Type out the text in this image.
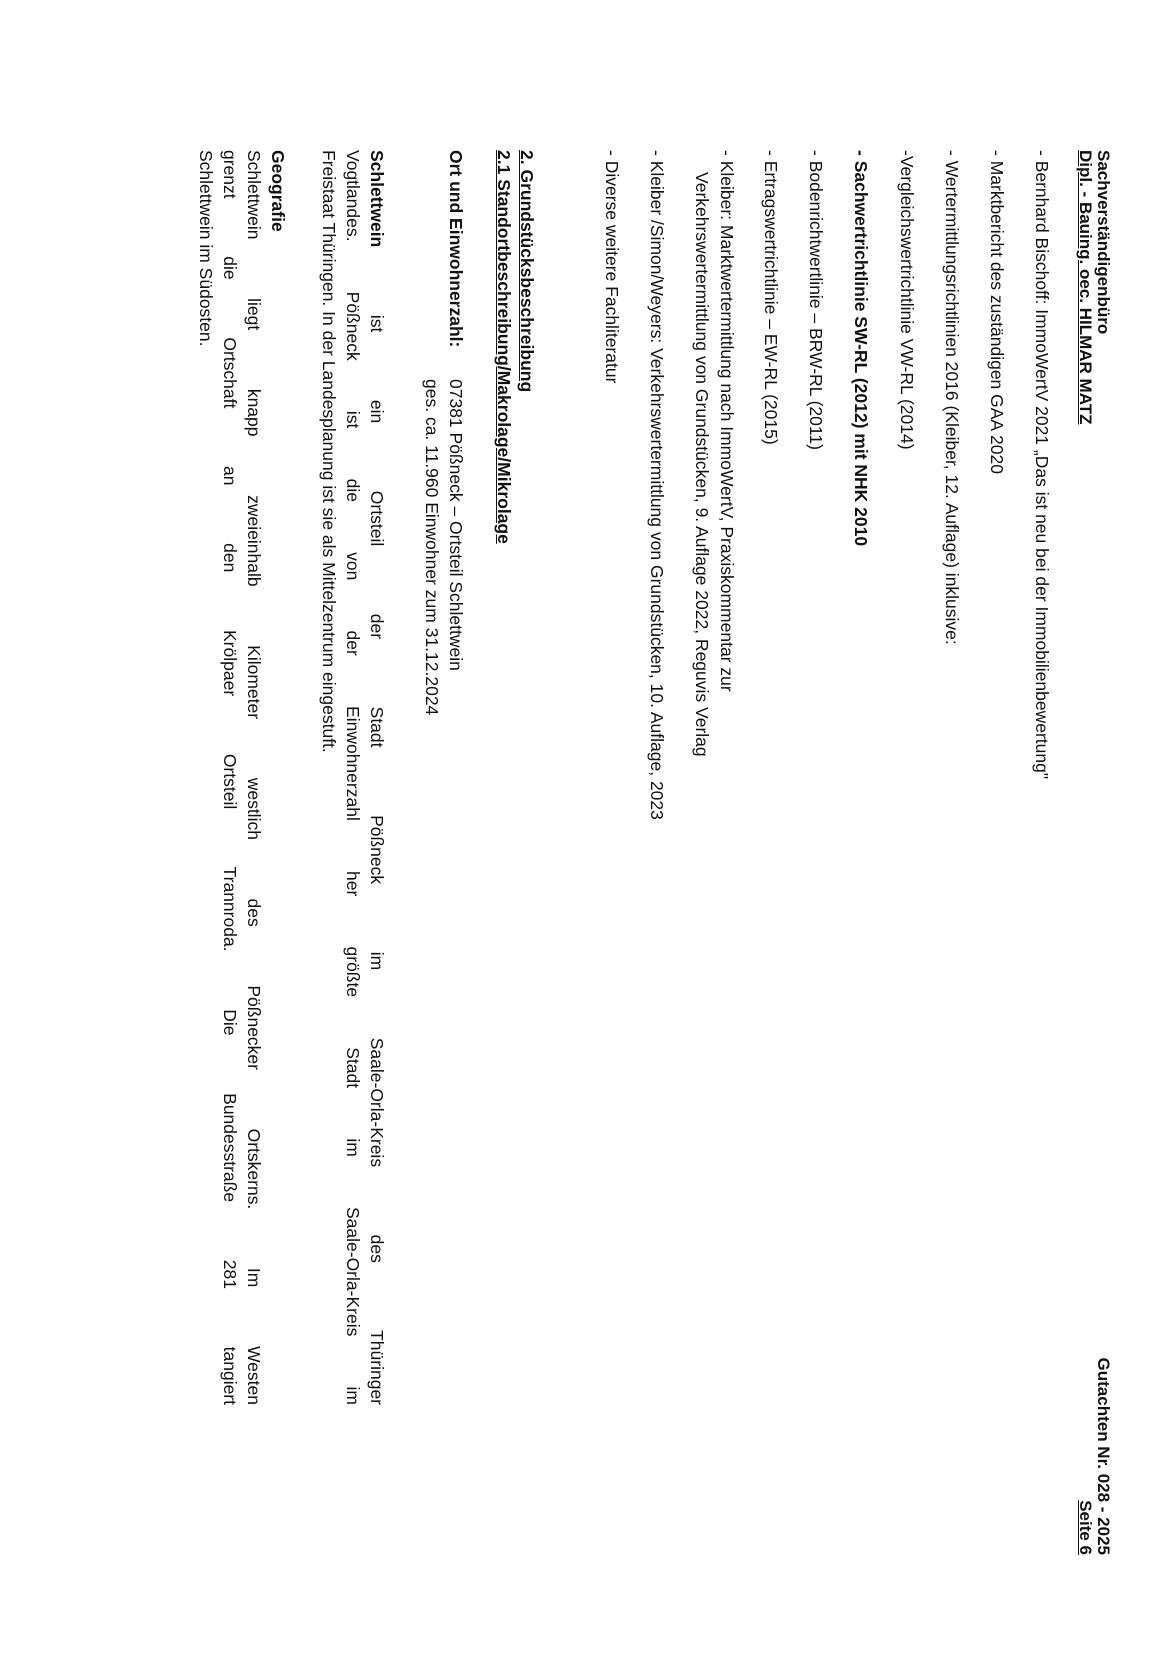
Sachverständigenbüro
Dipl. - Bauing. oec. HILMAR MATZ
Gutachten Nr. 028 - 2025
Seite 6
- Bernhard Bischoff: ImmoWertV 2021 „Das ist neu bei der Immobilienbewertung"
- Marktbericht des zuständigen GAA 2020
- Wertermittlungsrichtlinien 2016 (Kleiber, 12. Auflage) inklusive:
-Vergleichswertrichtlinie VW-RL (2014)
- Sachwertrichtlinie SW-RL (2012) mit NHK 2010
- Bodenrichtwertlinie – BRW-RL (2011)
- Ertragswertrichtlinie – EW-RL (2015)
- Kleiber: Marktwertermittlung nach ImmoWertV, Praxiskommentar zur
Verkehrswertermittlung von Grundstücken, 9. Auflage 2022, Reguvis Verlag
- Kleiber /Simon/Weyers: Verkehrswertermittlung von Grundstücken, 10. Auflage, 2023
- Diverse weitere Fachliteratur
2. Grundstücksbeschreibung
2.1 Standortbeschreibung/Makrolage/Mikrolage
Ort und Einwohnerzahl:
07381 Pößneck – Ortsteil Schlettwein
ges. ca. 11.960 Einwohner zum 31.12.2024
Schlettwein ist ein Ortsteil der Stadt Pößneck im Saale-Orla-Kreis des Thüringer
Vogtlandes. Pößneck ist die von der Einwohnerzahl her größte Stadt im Saale-Orla-Kreis im
Freistaat Thüringen. In der Landesplanung ist sie als Mittelzentrum eingestuft.
Geografie
Schlettwein liegt knapp zweieinhalb Kilometer westlich des Pößnecker Ortskerns. Im Westen
grenzt die Ortschaft an den Krölpaer Ortsteil Trannroda. Die Bundesstraße 281 tangiert
Schlettwein im Südosten.
